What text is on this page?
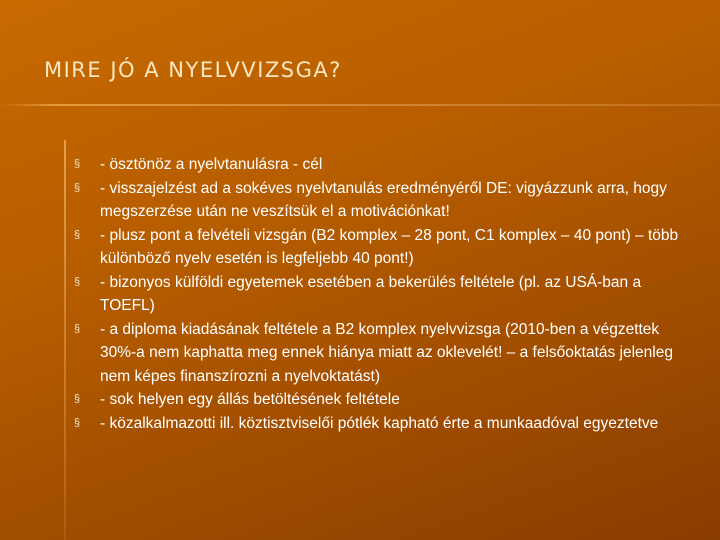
MIRE JÓ A NYELVVIZSGA?
§ - ösztönöz a nyelvtanulásra - cél
§ - visszajelzést ad a sokéves nyelvtanulás eredményéről DE: vigyázzunk arra, hogy megszerzése után ne veszítsük el a motivációnkat!
§ - plusz pont a felvételi vizsgán (B2 komplex – 28 pont, C1 komplex – 40 pont) – több különböző nyelv esetén is legfeljebb 40 pont!)
§ - bizonyos külföldi egyetemek esetében a bekerülés feltétele (pl. az USÁ-ban a TOEFL)
§ - a diploma kiadásának feltétele a B2 komplex nyelvvizsga (2010-ben a végzettek 30%-a nem kaphatta meg ennek hiánya miatt az oklevelét! – a felsőoktatás jelenleg nem képes finanszírozni a nyelvoktatást)
§ - sok helyen egy állás betöltésének feltétele
§ - közalkalmazotti ill. köztisztviselői pótlék kapható érte a munkaadóval egyeztetve
